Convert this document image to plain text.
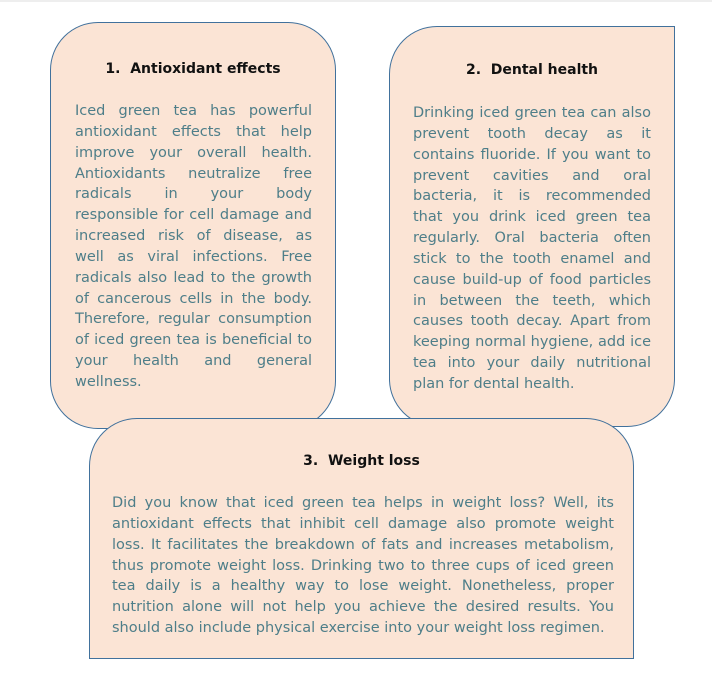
1.  Antioxidant effects

Iced green tea has powerful antioxidant effects that help improve your overall health. Antioxidants neutralize free radicals in your body responsible for cell damage and increased risk of disease, as well as viral infections. Free radicals also lead to the growth of cancerous cells in the body. Therefore, regular consumption of iced green tea is beneficial to your health and general wellness.

2.  Dental health

Drinking iced green tea can also prevent tooth decay as it contains fluoride. If you want to prevent cavities and oral bacteria, it is recommended that you drink iced green tea regularly. Oral bacteria often stick to the tooth enamel and cause build-up of food particles in between the teeth, which causes tooth decay. Apart from keeping normal hygiene, add ice tea into your daily nutritional plan for dental health.

3.  Weight loss

Did you know that iced green tea helps in weight loss? Well, its antioxidant effects that inhibit cell damage also promote weight loss. It facilitates the breakdown of fats and increases metabolism, thus promote weight loss. Drinking two to three cups of iced green tea daily is a healthy way to lose weight. Nonetheless, proper nutrition alone will not help you achieve the desired results. You should also include physical exercise into your weight loss regimen.
